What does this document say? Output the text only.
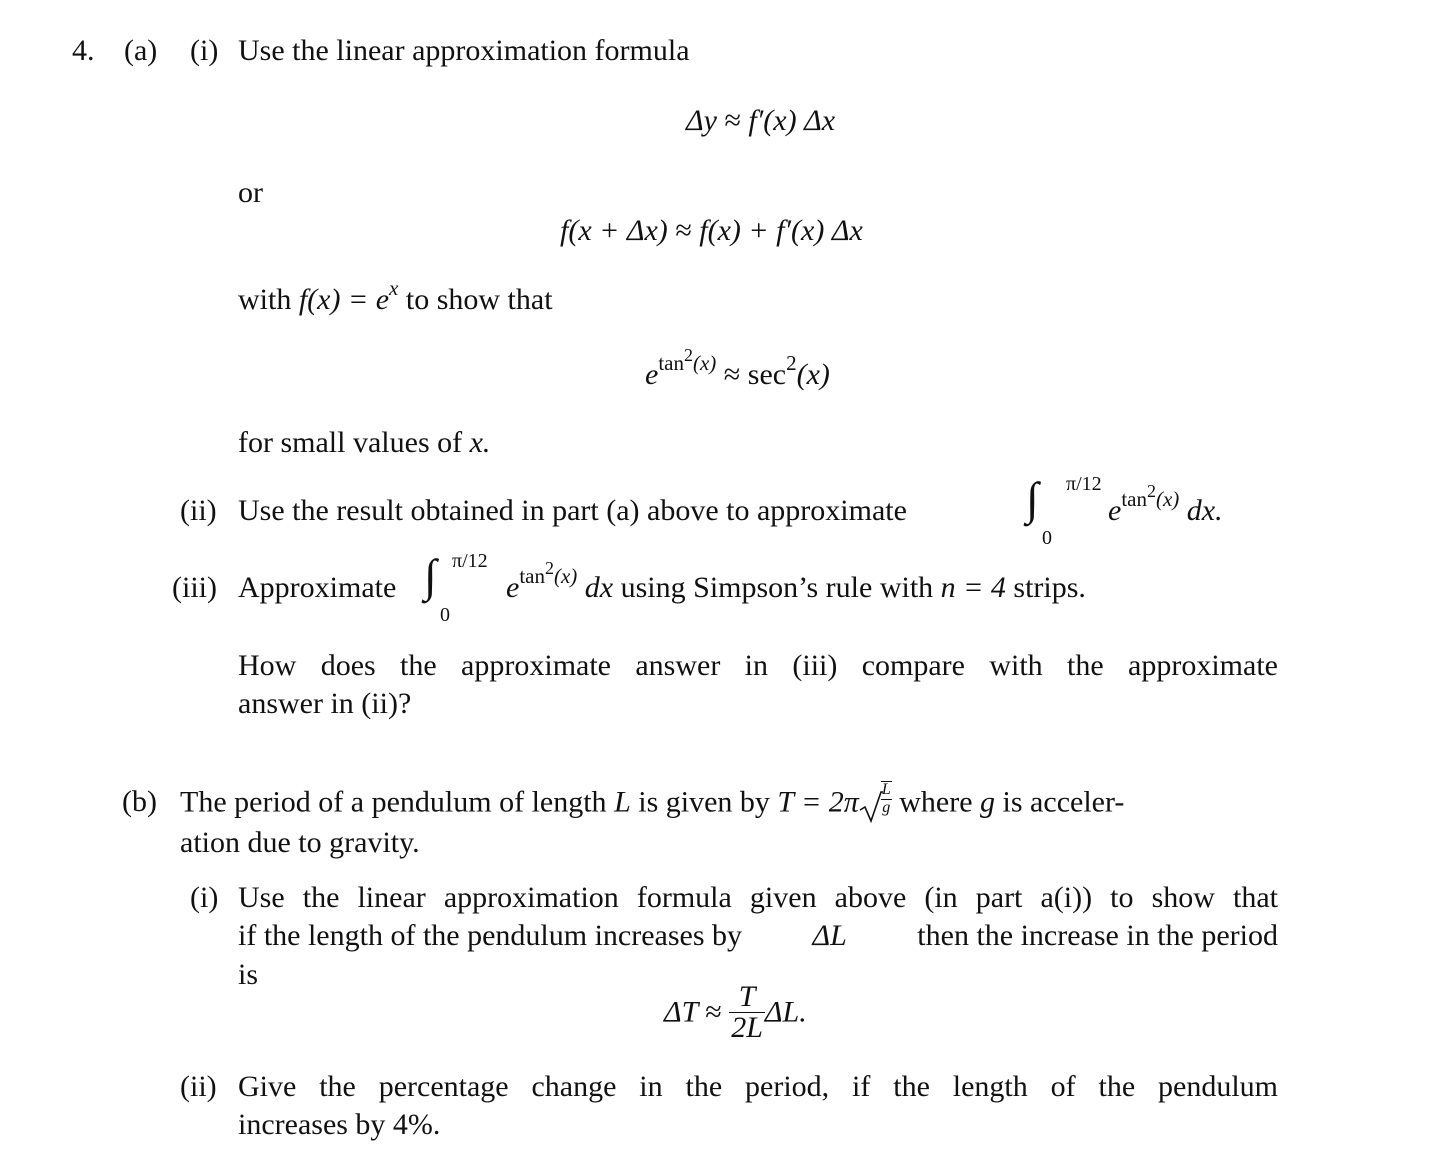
4. (a) (i) Use the linear approximation formula
Δy ≈ f′(x) Δx
or
f(x + Δx) ≈ f(x) + f′(x) Δx
with $f(x) = e^x$ to show that
$e^{tan2(x)} \approx \sec^2(x)$
for small values of x.
(ii) Use the result obtained in part (a) above to approximate	∫ π/12
0
$e^{tan2(x)}$ dx.
(iii) Approximate ∫ π/12
0
$e^{tan2(x)}$ dx using Simpson’s rule with n = 4 strips.
How does the approximate answer in (iii) compare with the approximate
answer in (ii)?
(b) The period of a pendulum of length L is given by $T = 2\pi \frac{L}{g}$ where g is acceler-
ation due to gravity.
(i) Use the linear approximation formula given above (in part a(i)) to show that
if the length of the pendulum increases by ΔL then the increase in the period
is
$\Delta T \approx \frac{T}{2L} \Delta L$.
(ii) Give the percentage change in the period, if the length of the pendulum
increases by 4%.
